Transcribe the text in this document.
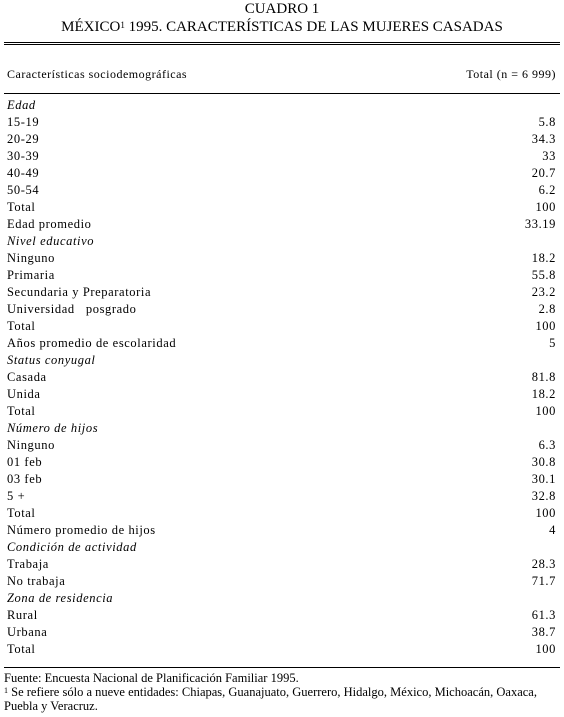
CUADRO 1
MÉXICO$^1$ 1995. CARACTERÍSTICAS DE LAS MUJERES CASADAS
Características sociodemográficas	Total (n = 6 999)
Edad
15-19	5.8
20-29	34.3
30-39	33
40-49	20.7
50-54	6.2
Total	100
Edad promedio	33.19
Nivel educativo
Ninguno	18.2
Primaria	55.8
Secundaria y Preparatoria	23.2
Universidad   posgrado	2.8
Total	100
Años promedio de escolaridad	5
Status conyugal
Casada	81.8
Unida	18.2
Total	100
Número de hijos
Ninguno	6.3
01 feb	30.8
03 feb	30.1
5 +	32.8
Total	100
Número promedio de hijos	4
Condición de actividad
Trabaja	28.3
No trabaja	71.7
Zona de residencia
Rural	61.3
Urbana	38.7
Total	100
Fuente: Encuesta Nacional de Planificación Familiar 1995.
$^1$ Se refiere sólo a nueve entidades: Chiapas, Guanajuato, Guerrero, Hidalgo, México, Michoacán, Oaxaca, Puebla y Veracruz.
